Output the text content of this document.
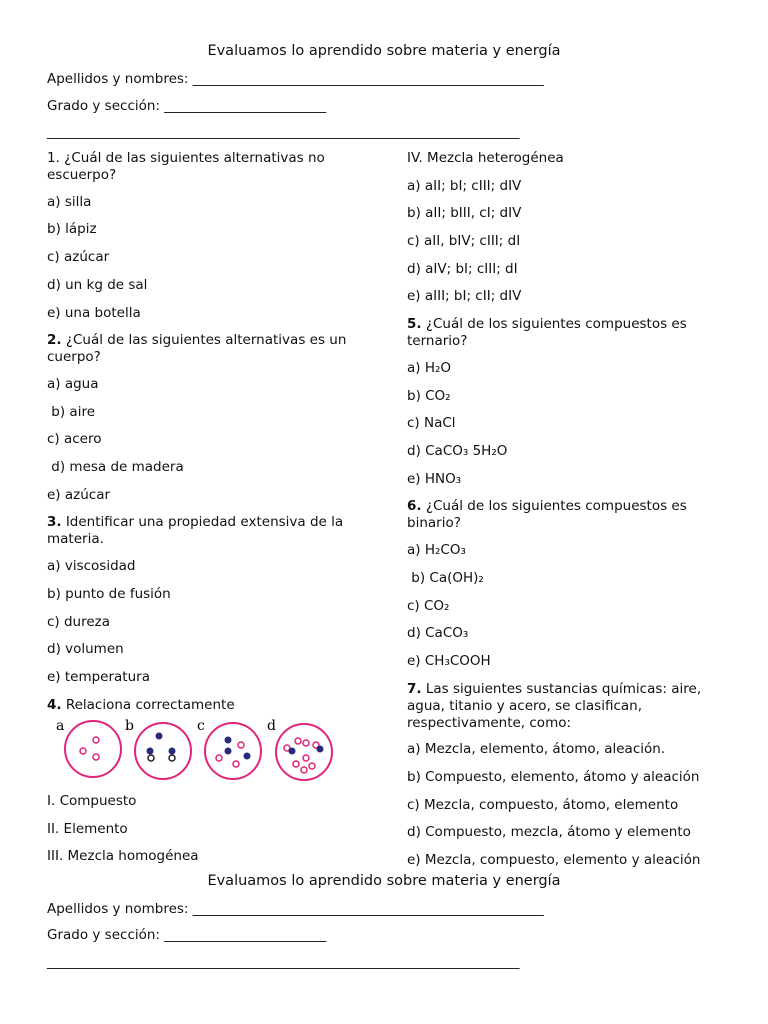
Evaluamos lo aprendido sobre materia y energía
Apellidos y nombres: ____________________________________________________
Grado y sección: ________________________
______________________________________________________________________
1. ¿Cuál de las siguientes alternativas no escuerpo?
a) silla
b) lápiz
c) azúcar
d) un kg de sal
e) una botella
2. ¿Cuál de las siguientes alternativas es un cuerpo?
a) agua
b) aire
c) acero
d) mesa de madera
e) azúcar
3. Identificar una propiedad extensiva de la materia.
a) viscosidad
b) punto de fusión
c) dureza
d) volumen
e) temperatura
4. Relaciona correctamente
a	b	c	d
I. Compuesto
II. Elemento
III. Mezcla homogénea
IV. Mezcla heterogénea
a) aII; bI; cIII; dIV
b) aII; bIII, cI; dIV
c) aII, bIV; cIII; dI
d) aIV; bI; cIII; dI
e) aIII; bI; cII; dIV
5. ¿Cuál de los siguientes compuestos es ternario?
a) H₂O
b) CO₂
c) NaCl
d) CaCO₃ 5H₂O
e) HNO₃
6. ¿Cuál de los siguientes compuestos es binario?
a) H₂CO₃
b) Ca(OH)₂
c) CO₂
d) CaCO₃
e) CH₃COOH
7. Las siguientes sustancias químicas: aire, agua, titanio y acero, se clasifican, respectivamente, como:
a) Mezcla, elemento, átomo, aleación.
b) Compuesto, elemento, átomo y aleación
c) Mezcla, compuesto, átomo, elemento
d) Compuesto, mezcla, átomo y elemento
e) Mezcla, compuesto, elemento y aleación
Evaluamos lo aprendido sobre materia y energía
Apellidos y nombres: ____________________________________________________
Grado y sección: ________________________
______________________________________________________________________
